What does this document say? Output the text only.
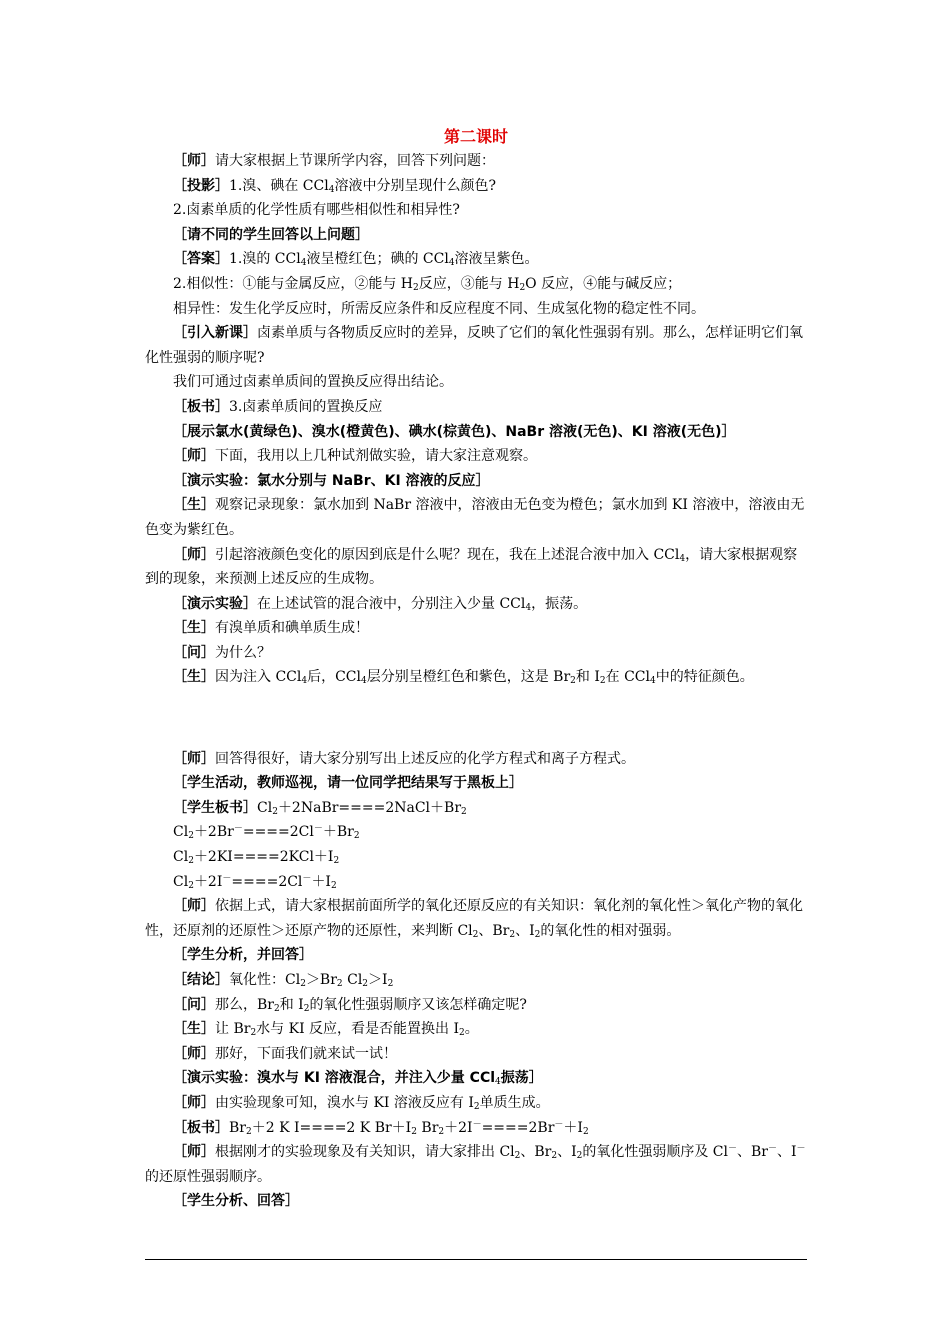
第二课时

［师］请大家根据上节课所学内容，回答下列问题：

［投影］1.溴、碘在 CCl$_4$溶液中分别呈现什么颜色?

2.卤素单质的化学性质有哪些相似性和相异性?

［请不同的学生回答以上问题］

［答案］1.溴的 CCl$_4$液呈橙红色；碘的 CCl$_4$溶液呈紫色。

2.相似性：①能与金属反应，②能与 $H_2$反应，③能与 $H_2O$ 反应，④能与碱反应；

相异性：发生化学反应时，所需反应条件和反应程度不同、生成氢化物的稳定性不同。

［引入新课］卤素单质与各物质反应时的差异，反映了它们的氧化性强弱有别。那么，怎样证明它们氧化性强弱的顺序呢?

我们可通过卤素单质间的置换反应得出结论。

［板书］3.卤素单质间的置换反应

［展示氯水(黄绿色)、溴水(橙黄色)、碘水(棕黄色)、NaBr 溶液(无色)、KI 溶液(无色)］

［师］下面，我用以上几种试剂做实验，请大家注意观察。

［演示实验：氯水分别与 NaBr、KI 溶液的反应］

［生］观察记录现象：氯水加到 NaBr 溶液中，溶液由无色变为橙色；氯水加到 KI 溶液中，溶液由无色变为紫红色。

［师］引起溶液颜色变化的原因到底是什么呢？现在，我在上述混合液中加入 CCl$_4$，请大家根据观察到的现象，来预测上述反应的生成物。

［演示实验］在上述试管的混合液中，分别注入少量 CCl$_4$，振荡。

［生］有溴单质和碘单质生成！

［问］为什么？

［生］因为注入 CCl$_4$后，CCl$_4$层分别呈橙红色和紫色，这是 $Br_2$和 $I_2$在 CCl$_4$中的特征颜色。

［师］回答得很好，请大家分别写出上述反应的化学方程式和离子方程式。

［学生活动，教师巡视，请一位同学把结果写于黑板上］

［学生板书$]Cl_2+2NaBr====2NaCl+Br_2$

$Cl_2+2Br^-====2Cl^-+Br_2$

$Cl_2+2KI====2KCl+I_2$

$Cl_2+2I^-====2Cl^-+I_2$

［师］依据上式，请大家根据前面所学的氧化还原反应的有关知识：氧化剂的氧化性＞氧化产物的氧化性，还原剂的还原性＞还原产物的还原性，来判断 $Cl_2$、$Br_2$、$I_2$的氧化性的相对强弱。

［学生分析，并回答］

［结论］氧化性：$Cl_2>Br_2$ $Cl_2>I_2$

［问］那么，$Br_2$和 $I_2$的氧化性强弱顺序又该怎样确定呢?

［生］让 $Br_2$水与 KI 反应，看是否能置换出 $I_2$。

［师］那好，下面我们就来试一试！

［演示实验：溴水与 KI 溶液混合，并注入少量 CCl$_4$振荡］

［师］由实验现象可知，溴水与 KI 溶液反应有 $I_2$单质生成。

［板书$]Br_2+2$ K I====2 K $Br+I_2$ $Br_2+2I^-====2Br^-+I_2$

［师］根据刚才的实验现象及有关知识，请大家排出 $Cl_2$、$Br_2$、$I_2$的氧化性强弱顺序及 Cl－、Br－、I－的还原性强弱顺序。

［学生分析、回答］
